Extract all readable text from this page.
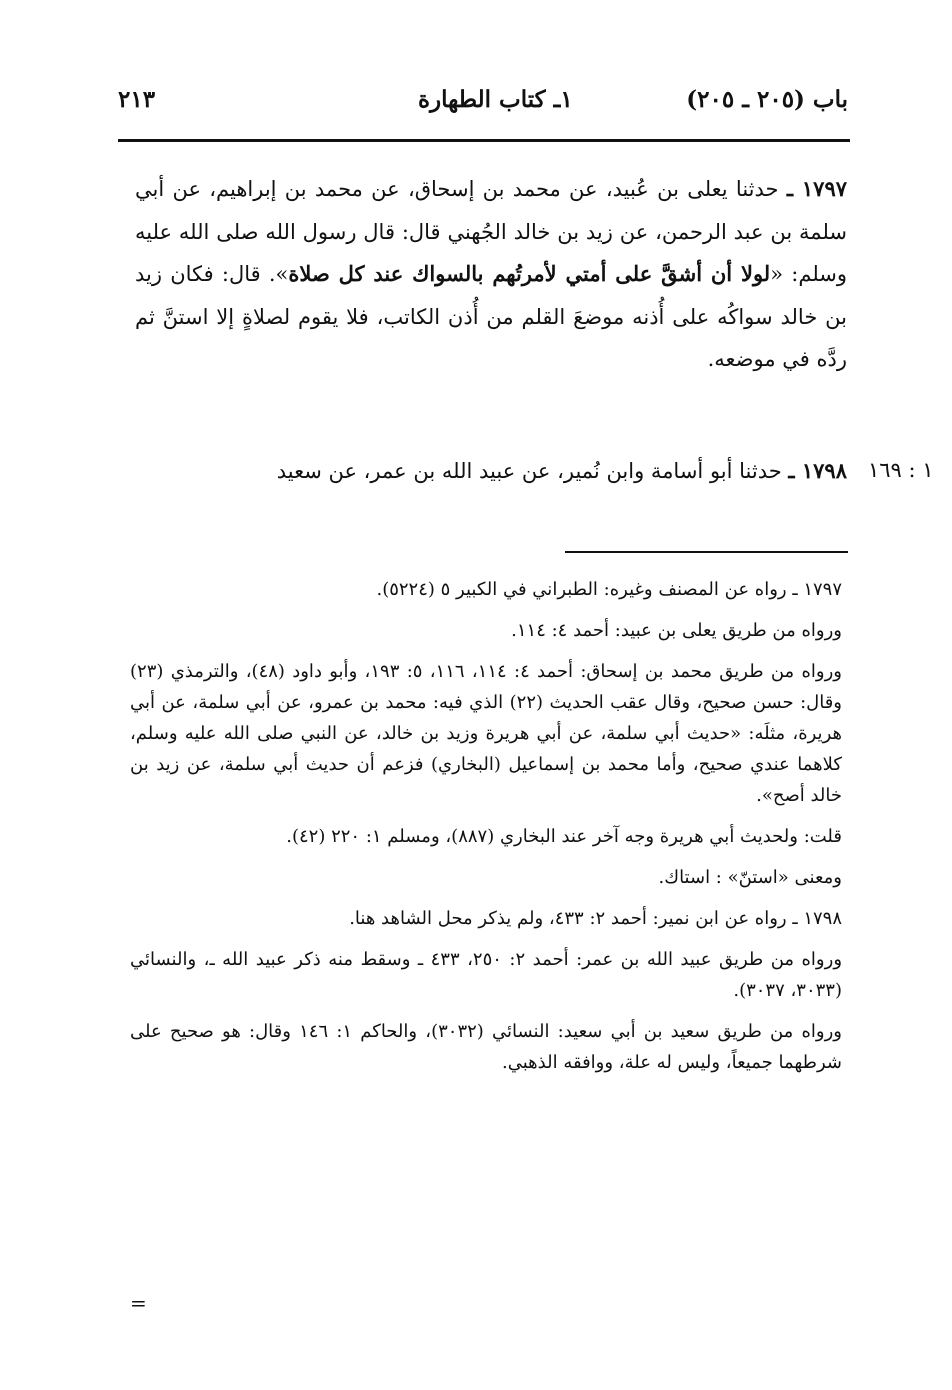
٢١٣	١ـ كتاب الطهارة	باب (٢٠٥ ـ ٢٠٥)

١٧٩٧ ـ حدثنا يعلى بن عُبيد، عن محمد بن إسحاق، عن محمد بن إبراهيم، عن أبي سلمة بن عبد الرحمن، عن زيد بن خالد الجُهني قال: قال رسول الله صلى الله عليه وسلم: «لولا أن أشقَّ على أمتي لأمرتُهم بالسواك عند كل صلاة». قال: فكان زيد بن خالد سواكُه على أُذنه موضعَ القلم من أُذن الكاتب، فلا يقوم لصلاةٍ إلا استنَّ ثم ردَّه في موضعه.

١٧٩٨ ـ حدثنا أبو أسامة وابن نُمير، عن عبيد الله بن عمر، عن سعيد	١ : ١٦٩

١٧٩٧ ـ رواه عن المصنف وغيره: الطبراني في الكبير ٥ (٥٢٢٤).

ورواه من طريق يعلى بن عبيد: أحمد ٤: ١١٤.

ورواه من طريق محمد بن إسحاق: أحمد ٤: ١١٤، ١١٦، ٥: ١٩٣، وأبو داود (٤٨)، والترمذي (٢٣) وقال: حسن صحيح، وقال عقب الحديث (٢٢) الذي فيه: محمد بن عمرو، عن أبي سلمة، عن أبي هريرة، مثلَه: «حديث أبي سلمة، عن أبي هريرة وزيد بن خالد، عن النبي صلى الله عليه وسلم، كلاهما عندي صحيح، وأما محمد بن إسماعيل (البخاري) فزعم أن حديث أبي سلمة، عن زيد بن خالد أصح».

قلت: ولحديث أبي هريرة وجه آخر عند البخاري (٨٨٧)، ومسلم ١: ٢٢٠ (٤٢).

ومعنى «استنّ» : استاك.

١٧٩٨ ـ رواه عن ابن نمير: أحمد ٢: ٤٣٣، ولم يذكر محل الشاهد هنا.

ورواه من طريق عبيد الله بن عمر: أحمد ٢: ٢٥٠، ٤٣٣ ـ وسقط منه ذكر عبيد الله ـ، والنسائي (٣٠٣٣، ٣٠٣٧).

ورواه من طريق سعيد بن أبي سعيد: النسائي (٣٠٣٢)، والحاكم ١: ١٤٦ وقال: هو صحيح على شرطهما جميعاً، وليس له علة، ووافقه الذهبي.

=
